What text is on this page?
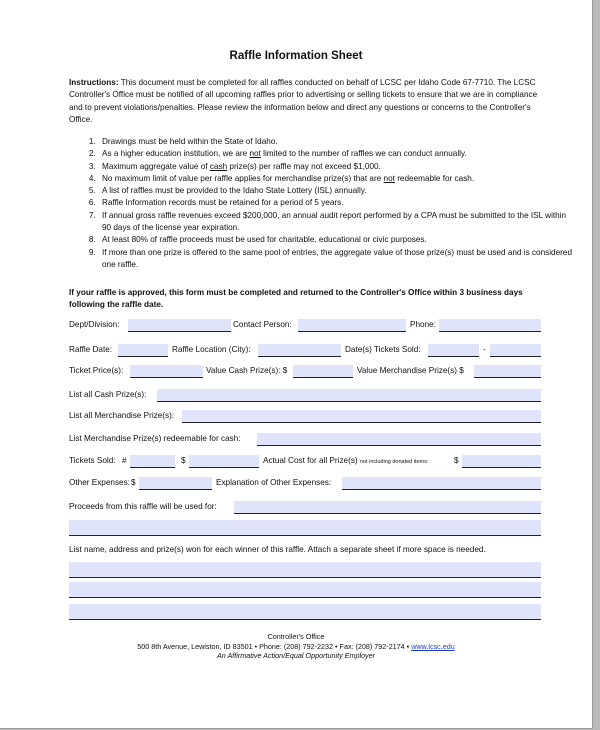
Raffle Information Sheet

Instructions: This document must be completed for all raffles conducted on behalf of LCSC per Idaho Code 67-7710. The LCSC Controller's Office must be notified of all upcoming raffles prior to advertising or selling tickets to ensure that we are in compliance and to prevent violations/penalties. Please review the information below and direct any questions or concerns to the Controller's Office.

1. Drawings must be held within the State of Idaho.
2. As a higher education institution, we are not limited to the number of raffles we can conduct annually.
3. Maximum aggregate value of cash prize(s) per raffle may not exceed $1,000.
4. No maximum limit of value per raffle applies for merchandise prize(s) that are not redeemable for cash.
5. A list of raffles must be provided to the Idaho State Lottery (ISL) annually.
6. Raffle Information records must be retained for a period of 5 years.
7. If annual gross raffle revenues exceed $200,000, an annual audit report performed by a CPA must be submitted to the ISL within 90 days of the license year expiration.
8. At least 80% of raffle proceeds must be used for charitable, educational or civic purposes.
9. If more than one prize is offered to the same pool of entries, the aggregate value of those prize(s) must be used and is considered one raffle.

If your raffle is approved, this form must be completed and returned to the Controller's Office within 3 business days following the raffle date.

Dept/Division:	Contact Person:	Phone:
Raffle Date:	Raffle Location (City):	Date(s) Tickets Sold:	-
Ticket Price(s):	Value Cash Prize(s): $	Value Merchandise Prize(s) $
List all Cash Prize(s):
List all Merchandise Prize(s):
List Merchandise Prize(s) redeemable for cash:
Tickets Sold: #	$	Actual Cost for all Prize(s) not including donated items:	$
Other Expenses: $	Explanation of Other Expenses:
Proceeds from this raffle will be used for:
List name, address and prize(s) won for each winner of this raffle. Attach a separate sheet if more space is needed.
Controller's Office
500 8th Avenue, Lewiston, ID 83501 • Phone: (208) 792-2232 • Fax: (208) 792-2174 • www.lcsc.edu
An Affirmative Action/Equal Opportunity Employer
